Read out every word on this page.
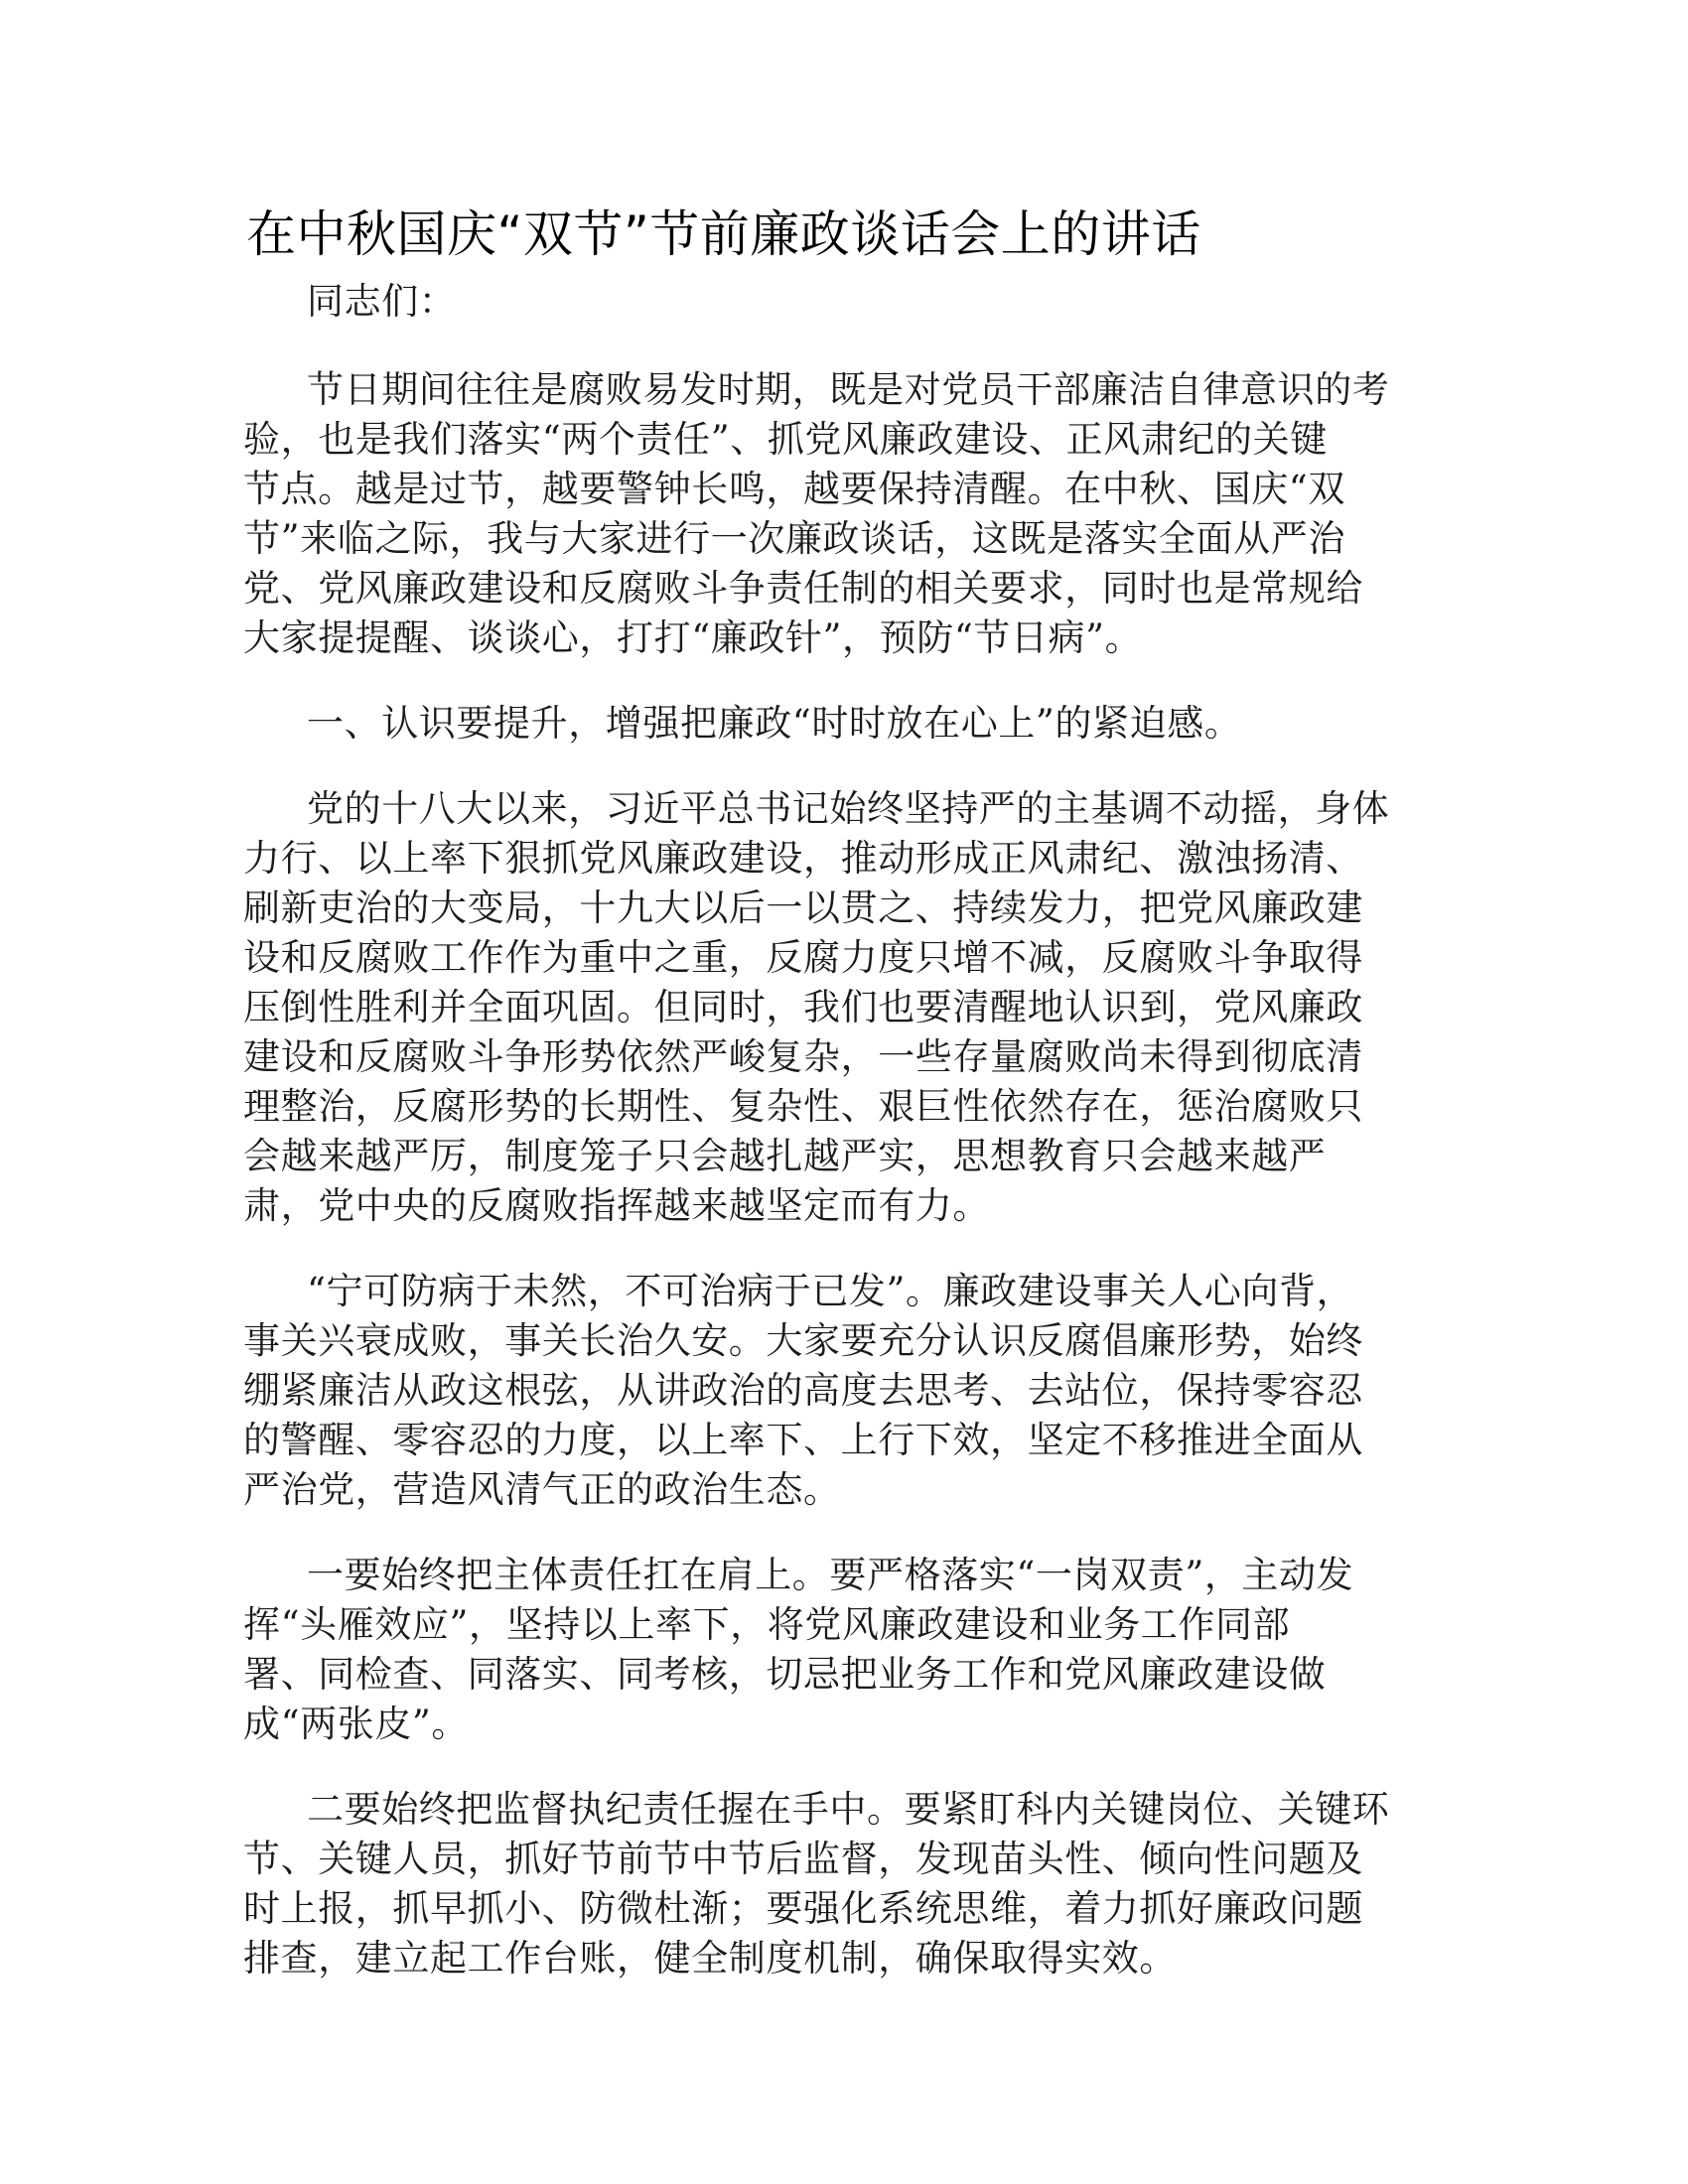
在中秋国庆“双节”节前廉政谈话会上的讲话
同志们：
节日期间往往是腐败易发时期，既是对党员干部廉洁自律意识的考
验，也是我们落实“两个责任”、抓党风廉政建设、正风肃纪的关键
节点。越是过节，越要警钟长鸣，越要保持清醒。在中秋、国庆“双
节”来临之际，我与大家进行一次廉政谈话，这既是落实全面从严治
党、党风廉政建设和反腐败斗争责任制的相关要求，同时也是常规给
大家提提醒、谈谈心，打打“廉政针”，预防“节日病”。
一、认识要提升，增强把廉政“时时放在心上”的紧迫感。
党的十八大以来，习近平总书记始终坚持严的主基调不动摇，身体
力行、以上率下狠抓党风廉政建设，推动形成正风肃纪、激浊扬清、
刷新吏治的大变局，十九大以后一以贯之、持续发力，把党风廉政建
设和反腐败工作作为重中之重，反腐力度只增不减，反腐败斗争取得
压倒性胜利并全面巩固。但同时，我们也要清醒地认识到，党风廉政
建设和反腐败斗争形势依然严峻复杂，一些存量腐败尚未得到彻底清
理整治，反腐形势的长期性、复杂性、艰巨性依然存在，惩治腐败只
会越来越严厉，制度笼子只会越扎越严实，思想教育只会越来越严
肃，党中央的反腐败指挥越来越坚定而有力。
“宁可防病于未然，不可治病于已发”。廉政建设事关人心向背，
事关兴衰成败，事关长治久安。大家要充分认识反腐倡廉形势，始终
绷紧廉洁从政这根弦，从讲政治的高度去思考、去站位，保持零容忍
的警醒、零容忍的力度，以上率下、上行下效，坚定不移推进全面从
严治党，营造风清气正的政治生态。
一要始终把主体责任扛在肩上。要严格落实“一岗双责”，主动发
挥“头雁效应”，坚持以上率下，将党风廉政建设和业务工作同部
署、同检查、同落实、同考核，切忌把业务工作和党风廉政建设做
成“两张皮”。
二要始终把监督执纪责任握在手中。要紧盯科内关键岗位、关键环
节、关键人员，抓好节前节中节后监督，发现苗头性、倾向性问题及
时上报，抓早抓小、防微杜渐；要强化系统思维，着力抓好廉政问题
排查，建立起工作台账，健全制度机制，确保取得实效。
